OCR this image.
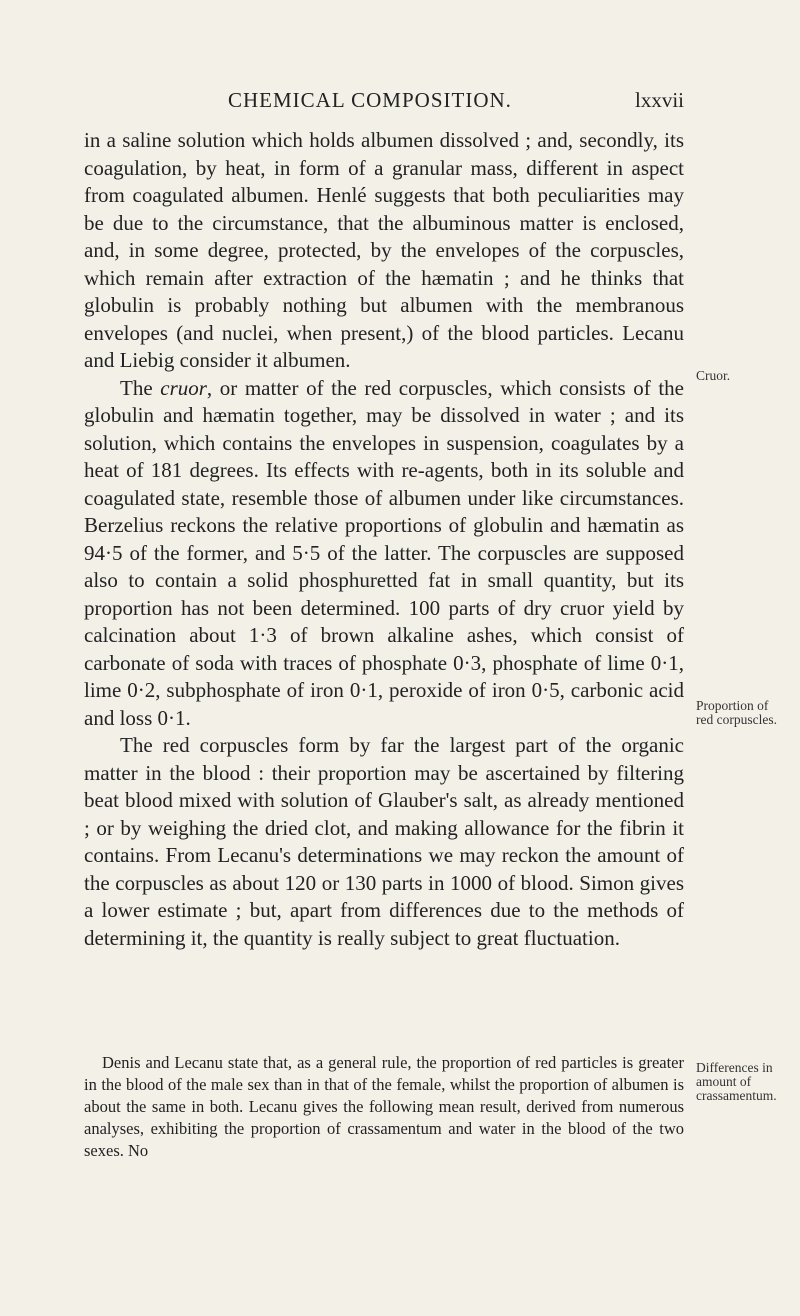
CHEMICAL COMPOSITION.	lxxvii

in a saline solution which holds albumen dissolved ; and, secondly, its coagulation, by heat, in form of a granular mass, different in aspect from coagulated albumen. Henlé suggests that both peculiarities may be due to the circumstance, that the albuminous matter is enclosed, and, in some degree, protected, by the envelopes of the corpuscles, which remain after extraction of the hæmatin ; and he thinks that globulin is probably nothing but albumen with the membranous envelopes (and nuclei, when present,) of the blood particles. Lecanu and Liebig consider it albumen.

The cruor, or matter of the red corpuscles, which consists of the globulin and hæmatin together, may be dissolved in water ; and its solution, which contains the envelopes in suspension, coagulates by a heat of 181 degrees. Its effects with re-agents, both in its soluble and coagulated state, resemble those of albumen under like circumstances. Berzelius reckons the relative proportions of globulin and hæmatin as 94·5 of the former, and 5·5 of the latter. The corpuscles are supposed also to contain a solid phosphuretted fat in small quantity, but its proportion has not been determined. 100 parts of dry cruor yield by calcination about 1·3 of brown alkaline ashes, which consist of carbonate of soda with traces of phosphate 0·3, phosphate of lime 0·1, lime 0·2, subphosphate of iron 0·1, peroxide of iron 0·5, carbonic acid and loss 0·1.

The red corpuscles form by far the largest part of the organic matter in the blood : their proportion may be ascertained by filtering beat blood mixed with solution of Glauber's salt, as already mentioned ; or by weighing the dried clot, and making allowance for the fibrin it contains. From Lecanu's determinations we may reckon the amount of the corpuscles as about 120 or 130 parts in 1000 of blood. Simon gives a lower estimate ; but, apart from differences due to the methods of determining it, the quantity is really subject to great fluctuation.

Denis and Lecanu state that, as a general rule, the proportion of red particles is greater in the blood of the male sex than in that of the female, whilst the proportion of albumen is about the same in both. Lecanu gives the following mean result, derived from numerous analyses, exhibiting the proportion of crassamentum and water in the blood of the two sexes. No
Cruor.
Proportion of red corpuscles.
Differences in amount of crassamentum.
